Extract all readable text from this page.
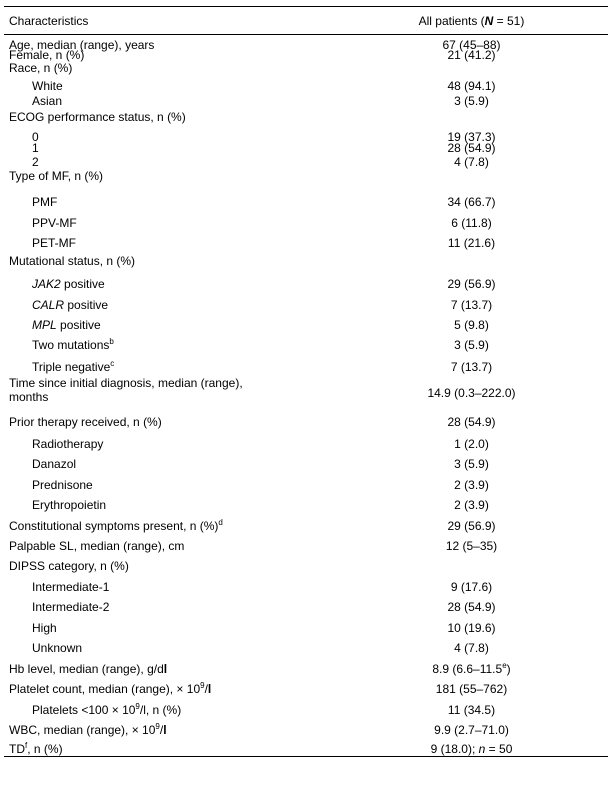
Characteristics	All patients (N = 51)
Age, median (range), years	67 (45–88)
Female, n (%)	21 (41.2)
Race, n (%)
White	48 (94.1)
Asian	3 (5.9)
ECOG performance status, n (%)
0	19 (37.3)
1	28 (54.9)
2	4 (7.8)
Type of MF, n (%)
PMF	34 (66.7)
PPV-MF	6 (11.8)
PET-MF	11 (21.6)
Mutational status, n (%)
JAK2 positive	29 (56.9)
CALR positive	7 (13.7)
MPL positive	5 (9.8)
Two mutations$^b$	3 (5.9)
Triple negative$^c$	7 (13.7)
Time since initial diagnosis, median (range),
months	14.9 (0.3–222.0)
Prior therapy received, n (%)	28 (54.9)
Radiotherapy	1 (2.0)
Danazol	3 (5.9)
Prednisone	2 (3.9)
Erythropoietin	2 (3.9)
Constitutional symptoms present, n (%)$^d$	29 (56.9)
Palpable SL, median (range), cm	12 (5–35)
DIPSS category, n (%)
Intermediate-1	9 (17.6)
Intermediate-2	28 (54.9)
High	10 (19.6)
Unknown	4 (7.8)
Hb level, median (range), g/dl	8.9 (6.6–11.5e)
Platelet count, median (range), × $10^9/l$	181 (55–762)
Platelets $<100 \times 10^9/l$, n (%)	11 (34.5)
WBC, median (range), × $10^9/l$	9.9 (2.7–71.0)
$TD^f$, n (%)	9 (18.0); n = 50
